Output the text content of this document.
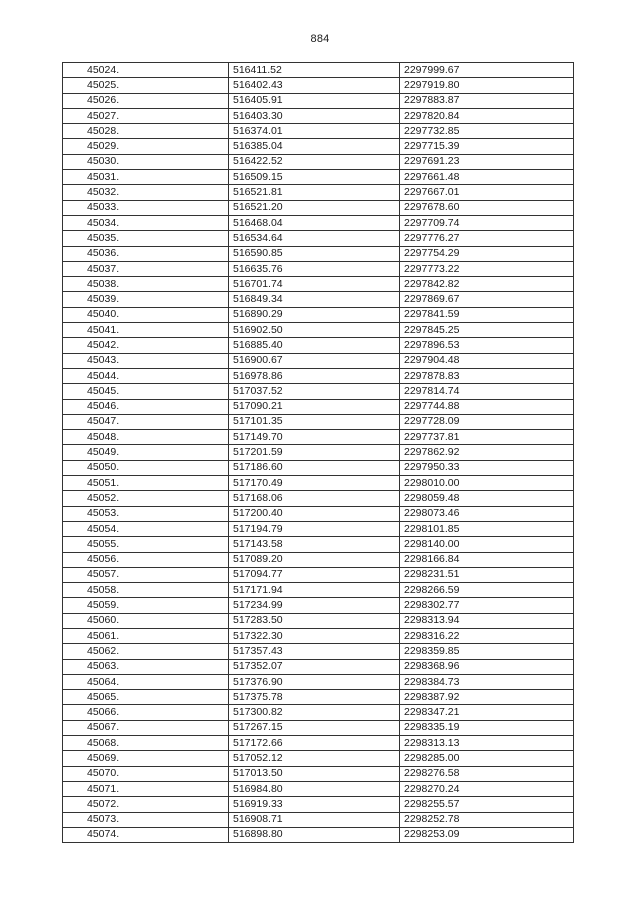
884
45024.	516411.52	2297999.67
45025.	516402.43	2297919.80
45026.	516405.91	2297883.87
45027.	516403.30	2297820.84
45028.	516374.01	2297732.85
45029.	516385.04	2297715.39
45030.	516422.52	2297691.23
45031.	516509.15	2297661.48
45032.	516521.81	2297667.01
45033.	516521.20	2297678.60
45034.	516468.04	2297709.74
45035.	516534.64	2297776.27
45036.	516590.85	2297754.29
45037.	516635.76	2297773.22
45038.	516701.74	2297842.82
45039.	516849.34	2297869.67
45040.	516890.29	2297841.59
45041.	516902.50	2297845.25
45042.	516885.40	2297896.53
45043.	516900.67	2297904.48
45044.	516978.86	2297878.83
45045.	517037.52	2297814.74
45046.	517090.21	2297744.88
45047.	517101.35	2297728.09
45048.	517149.70	2297737.81
45049.	517201.59	2297862.92
45050.	517186.60	2297950.33
45051.	517170.49	2298010.00
45052.	517168.06	2298059.48
45053.	517200.40	2298073.46
45054.	517194.79	2298101.85
45055.	517143.58	2298140.00
45056.	517089.20	2298166.84
45057.	517094.77	2298231.51
45058.	517171.94	2298266.59
45059.	517234.99	2298302.77
45060.	517283.50	2298313.94
45061.	517322.30	2298316.22
45062.	517357.43	2298359.85
45063.	517352.07	2298368.96
45064.	517376.90	2298384.73
45065.	517375.78	2298387.92
45066.	517300.82	2298347.21
45067.	517267.15	2298335.19
45068.	517172.66	2298313.13
45069.	517052.12	2298285.00
45070.	517013.50	2298276.58
45071.	516984.80	2298270.24
45072.	516919.33	2298255.57
45073.	516908.71	2298252.78
45074.	516898.80	2298253.09
